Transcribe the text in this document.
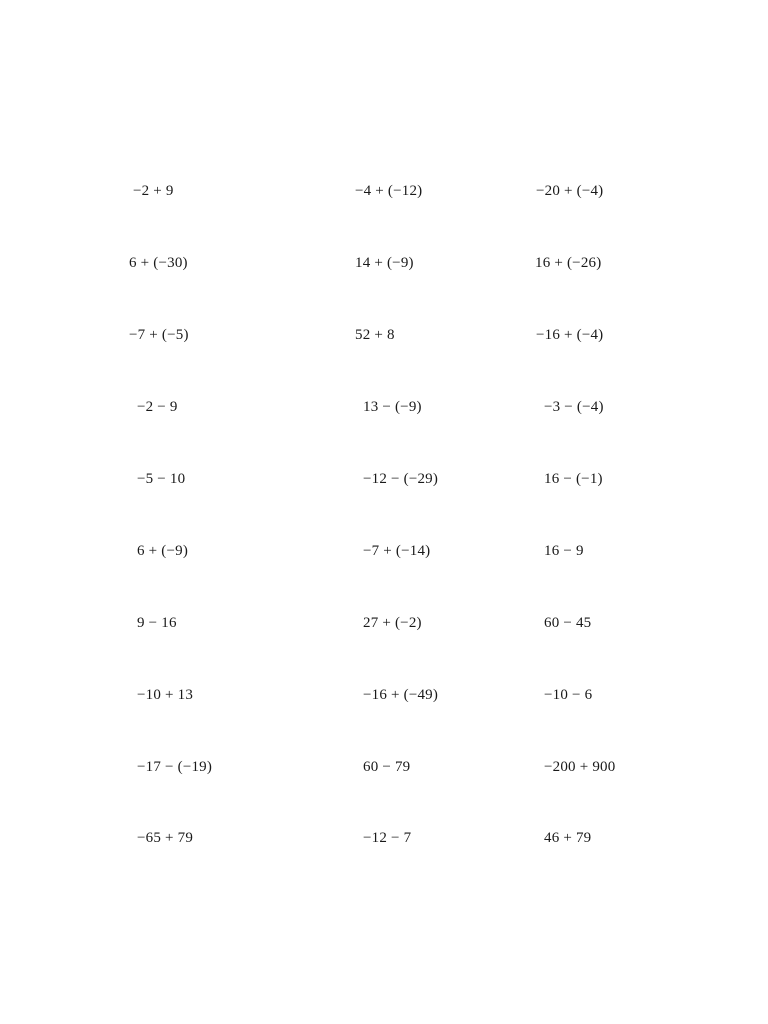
−2 + 9	−4 + (−12)	−20 + (−4)
6 + (−30)	14 + (−9)	16 + (−26)
−7 + (−5)	52 + 8	−16 + (−4)
−2 − 9	13 − (−9)	−3 − (−4)
−5 − 10	−12 − (−29)	16 − (−1)
6 + (−9)	−7 + (−14)	16 − 9
9 − 16	27 + (−2)	60 − 45
−10 + 13	−16 + (−49)	−10 − 6
−17 − (−19)	60 − 79	−200 + 900
−65 + 79	−12 − 7	46 + 79
